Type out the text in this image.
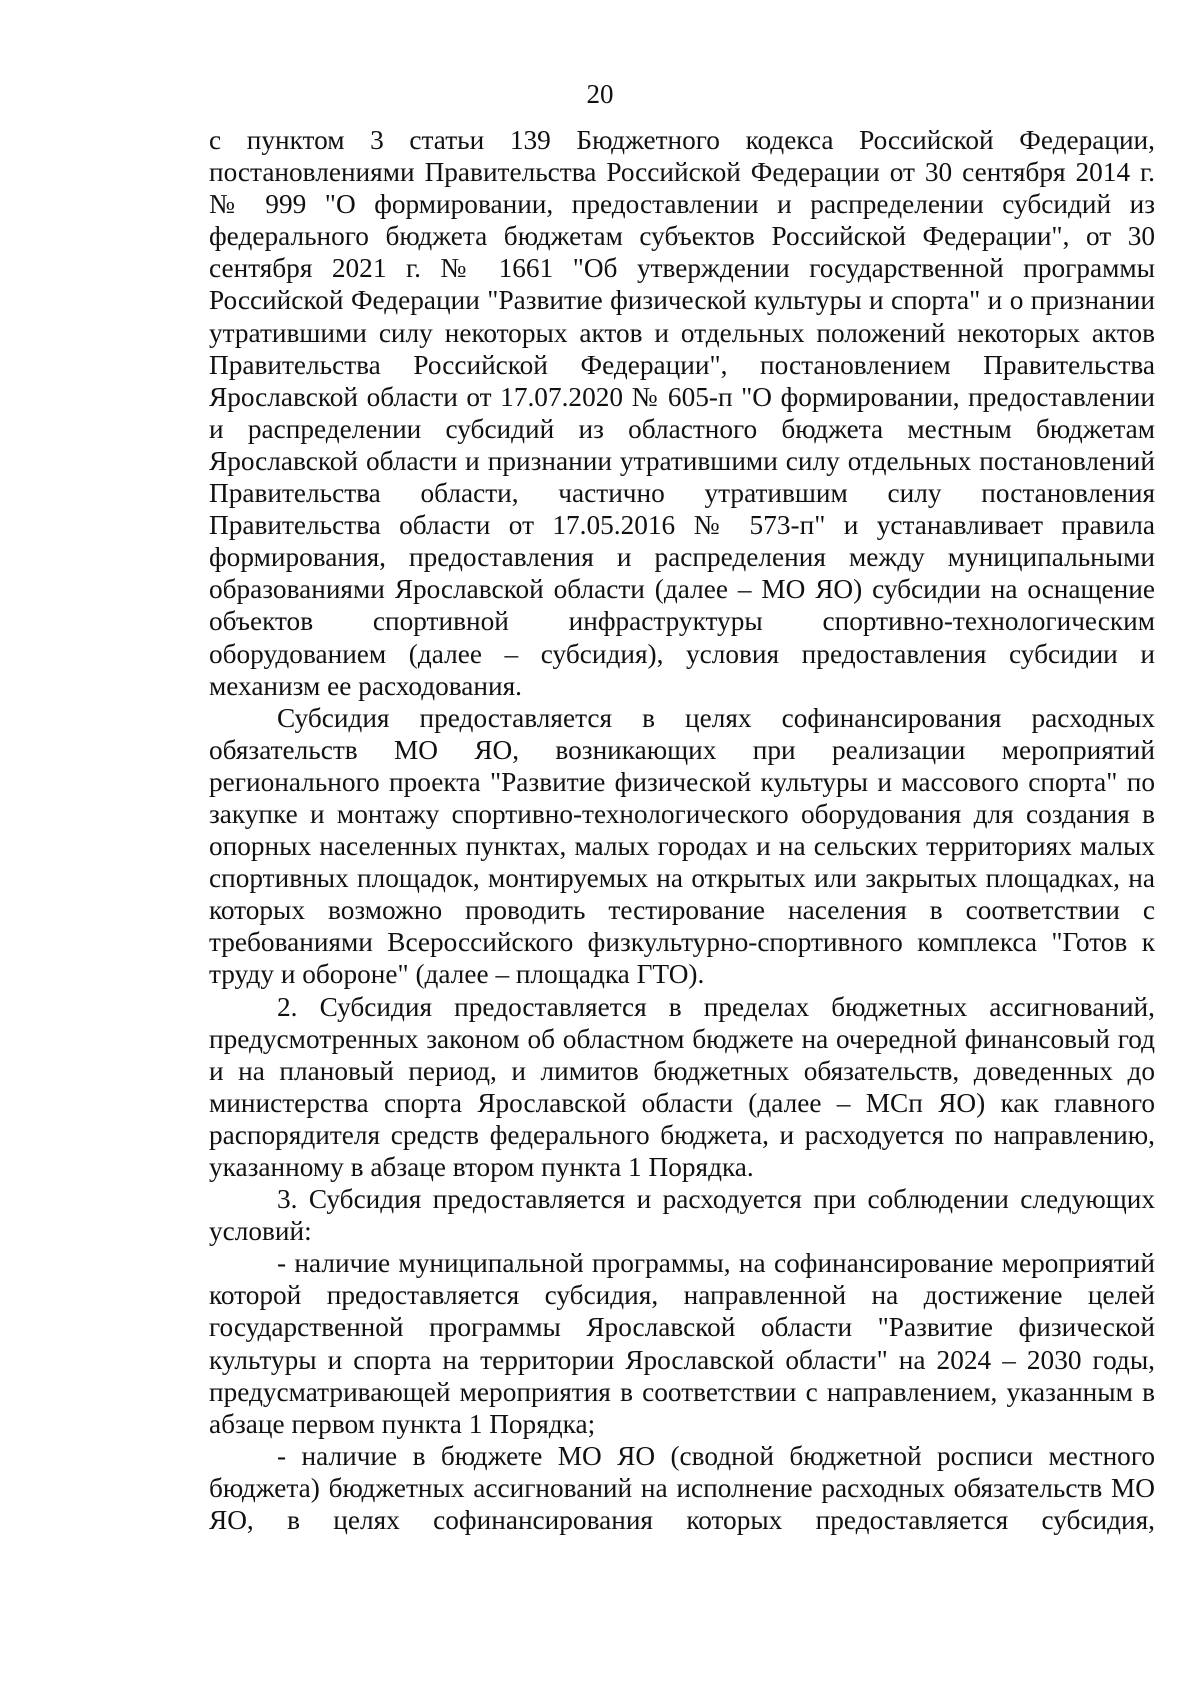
20

с пунктом 3 статьи 139 Бюджетного кодекса Российской Федерации, постановлениями Правительства Российской Федерации от 30 сентября 2014 г. № 999 "О формировании, предоставлении и распределении субсидий из федерального бюджета бюджетам субъектов Российской Федерации", от 30 сентября 2021 г. № 1661 "Об утверждении государственной программы Российской Федерации "Развитие физической культуры и спорта" и о признании утратившими силу некоторых актов и отдельных положений некоторых актов Правительства Российской Федерации", постановлением Правительства Ярославской области от 17.07.2020 № 605-п "О формировании, предоставлении и распределении субсидий из областного бюджета местным бюджетам Ярославской области и признании утратившими силу отдельных постановлений Правительства области, частично утратившим силу постановления Правительства области от 17.05.2016 № 573-п" и устанавливает правила формирования, предоставления и распределения между муниципальными образованиями Ярославской области (далее – МО ЯО) субсидии на оснащение объектов спортивной инфраструктуры спортивно-технологическим оборудованием (далее – субсидия), условия предоставления субсидии и механизм ее расходования.

Субсидия предоставляется в целях софинансирования расходных обязательств МО ЯО, возникающих при реализации мероприятий регионального проекта "Развитие физической культуры и массового спорта" по закупке и монтажу спортивно-технологического оборудования для создания в опорных населенных пунктах, малых городах и на сельских территориях малых спортивных площадок, монтируемых на открытых или закрытых площадках, на которых возможно проводить тестирование населения в соответствии с требованиями Всероссийского физкультурно-спортивного комплекса "Готов к труду и обороне" (далее – площадка ГТО).

2. Субсидия предоставляется в пределах бюджетных ассигнований, предусмотренных законом об областном бюджете на очередной финансовый год и на плановый период, и лимитов бюджетных обязательств, доведенных до министерства спорта Ярославской области (далее – МСп ЯО) как главного распорядителя средств федерального бюджета, и расходуется по направлению, указанному в абзаце втором пункта 1 Порядка.

3. Субсидия предоставляется и расходуется при соблюдении следующих условий:

- наличие муниципальной программы, на софинансирование мероприятий которой предоставляется субсидия, направленной на достижение целей государственной программы Ярославской области "Развитие физической культуры и спорта на территории Ярославской области" на 2024 – 2030 годы, предусматривающей мероприятия в соответствии с направлением, указанным в абзаце первом пункта 1 Порядка;

- наличие в бюджете МО ЯО (сводной бюджетной росписи местного бюджета) бюджетных ассигнований на исполнение расходных обязательств МО ЯО, в целях софинансирования которых предоставляется субсидия,
